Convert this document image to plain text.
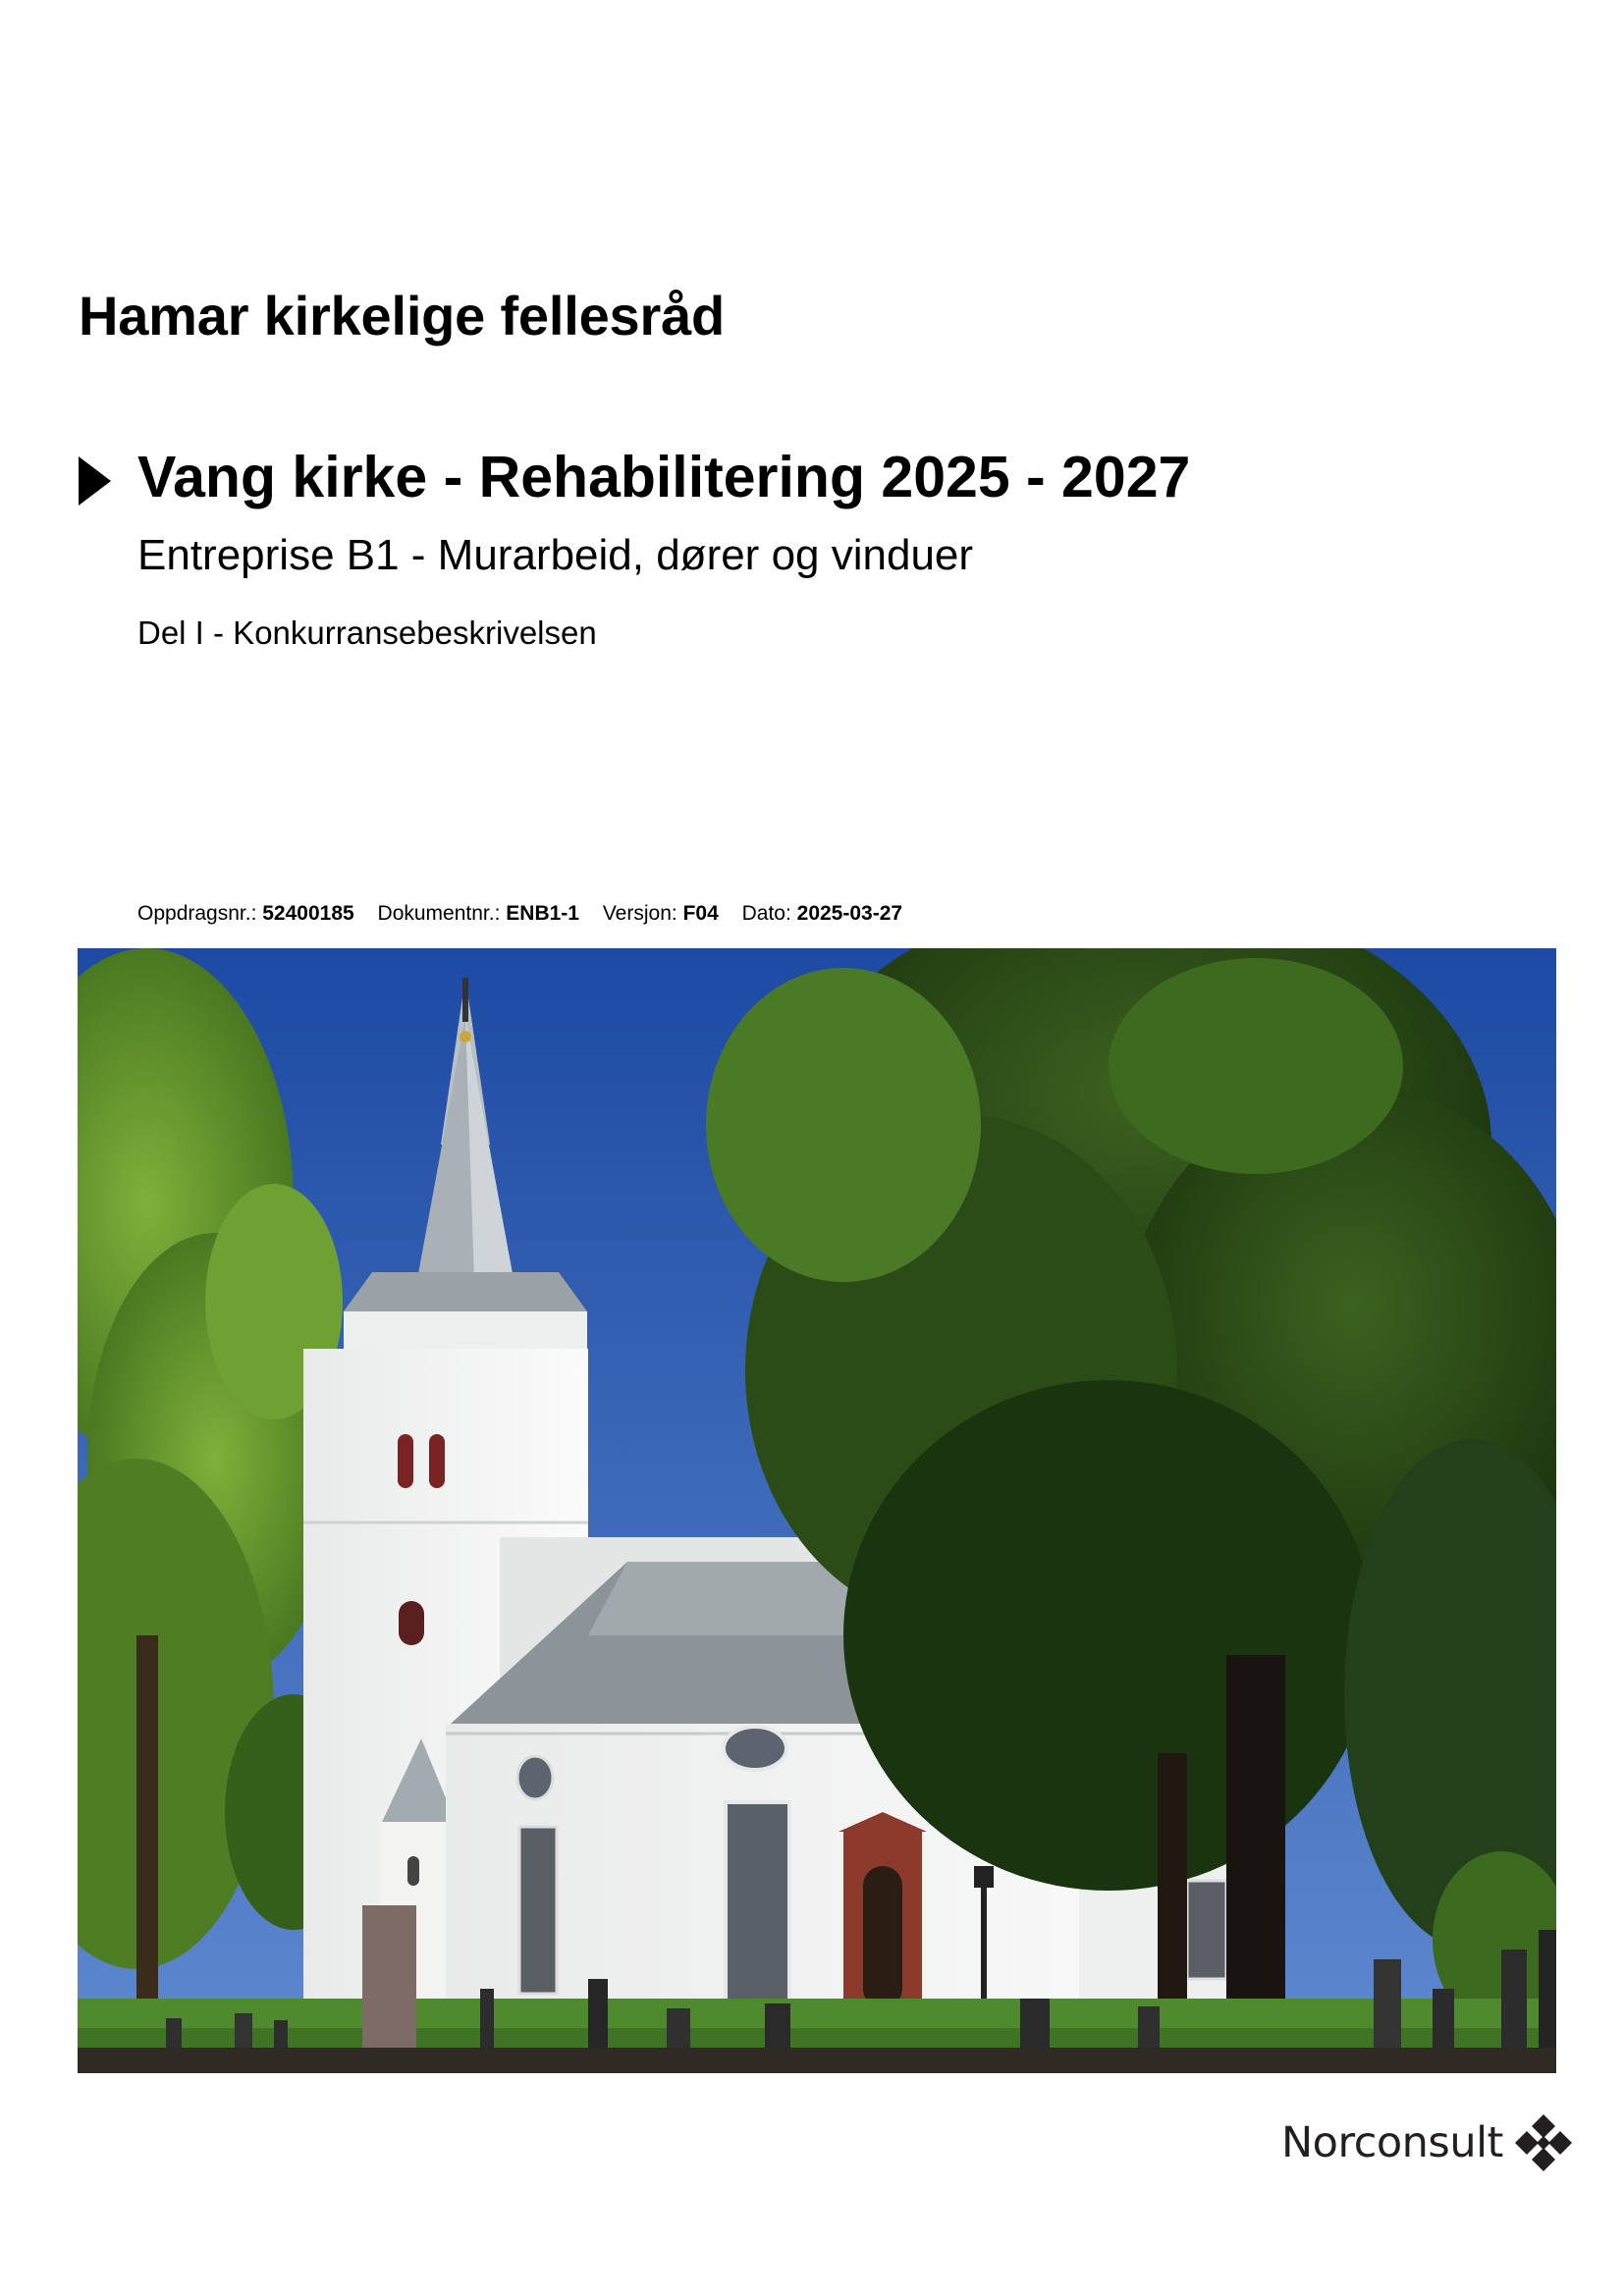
Hamar kirkelige fellesråd
Vang kirke - Rehabilitering 2025 - 2027
Entreprise B1 - Murarbeid, dører og vinduer
Del I - Konkurransebeskrivelsen
Oppdragsnr.: 52400185 Dokumentnr.: ENB1-1 Versjon: F04 Dato: 2025-03-27
Norconsult
